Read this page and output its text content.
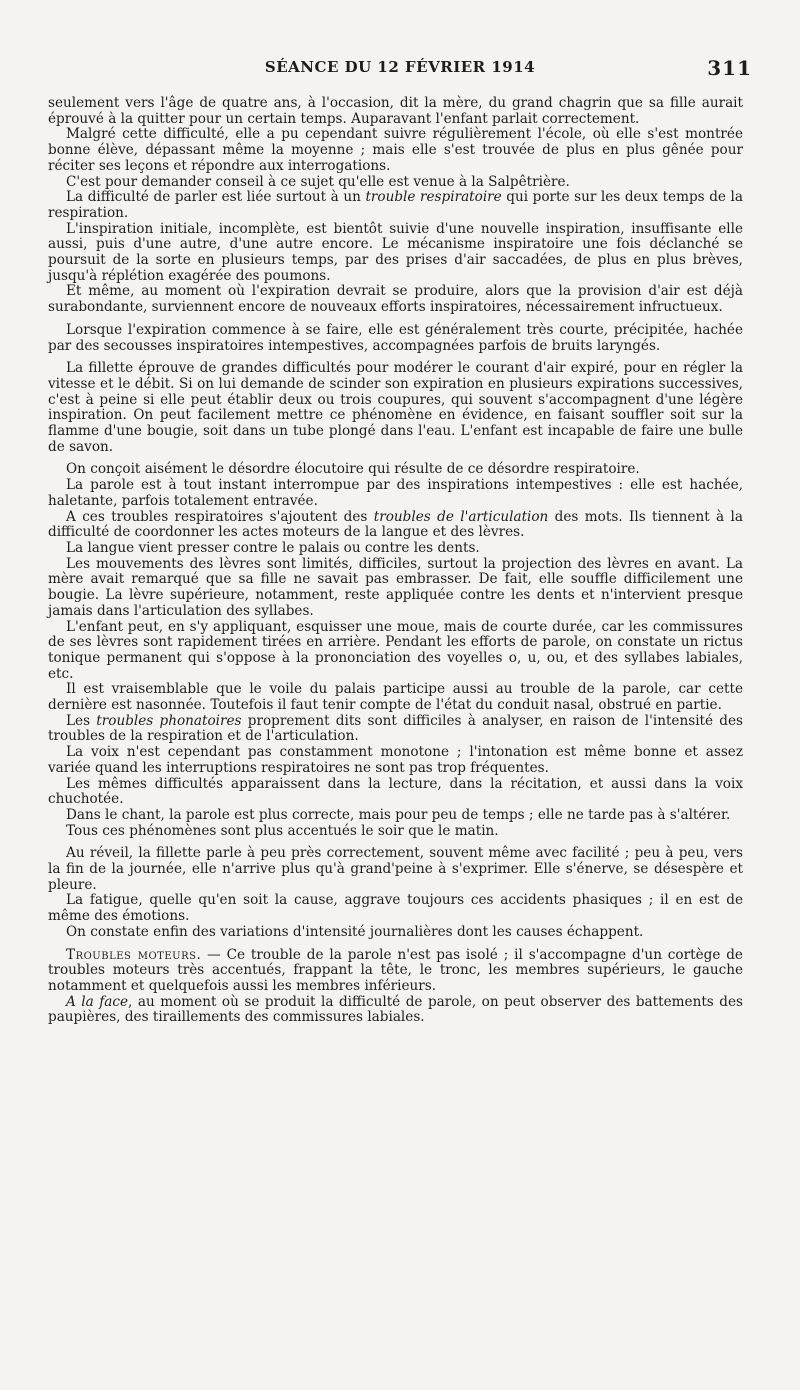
SÉANCE DU 12 FÉVRIER 1914	311

seulement vers l'âge de quatre ans, à l'occasion, dit la mère, du grand chagrin que sa fille aurait éprouvé à la quitter pour un certain temps. Auparavant l'enfant parlait correctement.

Malgré cette difficulté, elle a pu cependant suivre régulièrement l'école, où elle s'est montrée bonne élève, dépassant même la moyenne ; mais elle s'est trouvée de plus en plus gênée pour réciter ses leçons et répondre aux interrogations.

C'est pour demander conseil à ce sujet qu'elle est venue à la Salpêtrière.

La difficulté de parler est liée surtout à un trouble respiratoire qui porte sur les deux temps de la respiration.

L'inspiration initiale, incomplète, est bientôt suivie d'une nouvelle inspiration, insuffisante elle aussi, puis d'une autre, d'une autre encore. Le mécanisme inspiratoire une fois déclanché se poursuit de la sorte en plusieurs temps, par des prises d'air saccadées, de plus en plus brèves, jusqu'à réplétion exagérée des poumons.

Et même, au moment où l'expiration devrait se produire, alors que la provision d'air est déjà surabondante, surviennent encore de nouveaux efforts inspiratoires, nécessairement infructueux.

Lorsque l'expiration commence à se faire, elle est généralement très courte, précipitée, hachée par des secousses inspiratoires intempestives, accompagnées parfois de bruits laryngés.

La fillette éprouve de grandes difficultés pour modérer le courant d'air expiré, pour en régler la vitesse et le débit. Si on lui demande de scinder son expiration en plusieurs expirations successives, c'est à peine si elle peut établir deux ou trois coupures, qui souvent s'accompagnent d'une légère inspiration. On peut facilement mettre ce phénomène en évidence, en faisant souffler soit sur la flamme d'une bougie, soit dans un tube plongé dans l'eau. L'enfant est incapable de faire une bulle de savon.

On conçoit aisément le désordre élocutoire qui résulte de ce désordre respiratoire.

La parole est à tout instant interrompue par des inspirations intempestives : elle est hachée, haletante, parfois totalement entravée.

A ces troubles respiratoires s'ajoutent des troubles de l'articulation des mots. Ils tiennent à la difficulté de coordonner les actes moteurs de la langue et des lèvres.

La langue vient presser contre le palais ou contre les dents.

Les mouvements des lèvres sont limités, difficiles, surtout la projection des lèvres en avant. La mère avait remarqué que sa fille ne savait pas embrasser. De fait, elle souffle difficilement une bougie. La lèvre supérieure, notamment, reste appliquée contre les dents et n'intervient presque jamais dans l'articulation des syllabes.

L'enfant peut, en s'y appliquant, esquisser une moue, mais de courte durée, car les commissures de ses lèvres sont rapidement tirées en arrière. Pendant les efforts de parole, on constate un rictus tonique permanent qui s'oppose à la prononciation des voyelles o, u, ou, et des syllabes labiales, etc.

Il est vraisemblable que le voile du palais participe aussi au trouble de la parole, car cette dernière est nasonnée. Toutefois il faut tenir compte de l'état du conduit nasal, obstrué en partie.

Les troubles phonatoires proprement dits sont difficiles à analyser, en raison de l'intensité des troubles de la respiration et de l'articulation.

La voix n'est cependant pas constamment monotone ; l'intonation est même bonne et assez variée quand les interruptions respiratoires ne sont pas trop fréquentes.

Les mêmes difficultés apparaissent dans la lecture, dans la récitation, et aussi dans la voix chuchotée.

Dans le chant, la parole est plus correcte, mais pour peu de temps ; elle ne tarde pas à s'altérer.

Tous ces phénomènes sont plus accentués le soir que le matin.

Au réveil, la fillette parle à peu près correctement, souvent même avec facilité ; peu à peu, vers la fin de la journée, elle n'arrive plus qu'à grand'peine à s'exprimer. Elle s'énerve, se désespère et pleure.

La fatigue, quelle qu'en soit la cause, aggrave toujours ces accidents phasiques ; il en est de même des émotions.

On constate enfin des variations d'intensité journalières dont les causes échappent.

Troubles moteurs. — Ce trouble de la parole n'est pas isolé ; il s'accompagne d'un cortège de troubles moteurs très accentués, frappant la tête, le tronc, les membres supérieurs, le gauche notamment et quelquefois aussi les membres inférieurs.

A la face, au moment où se produit la difficulté de parole, on peut observer des battements des paupières, des tiraillements des commissures labiales.
